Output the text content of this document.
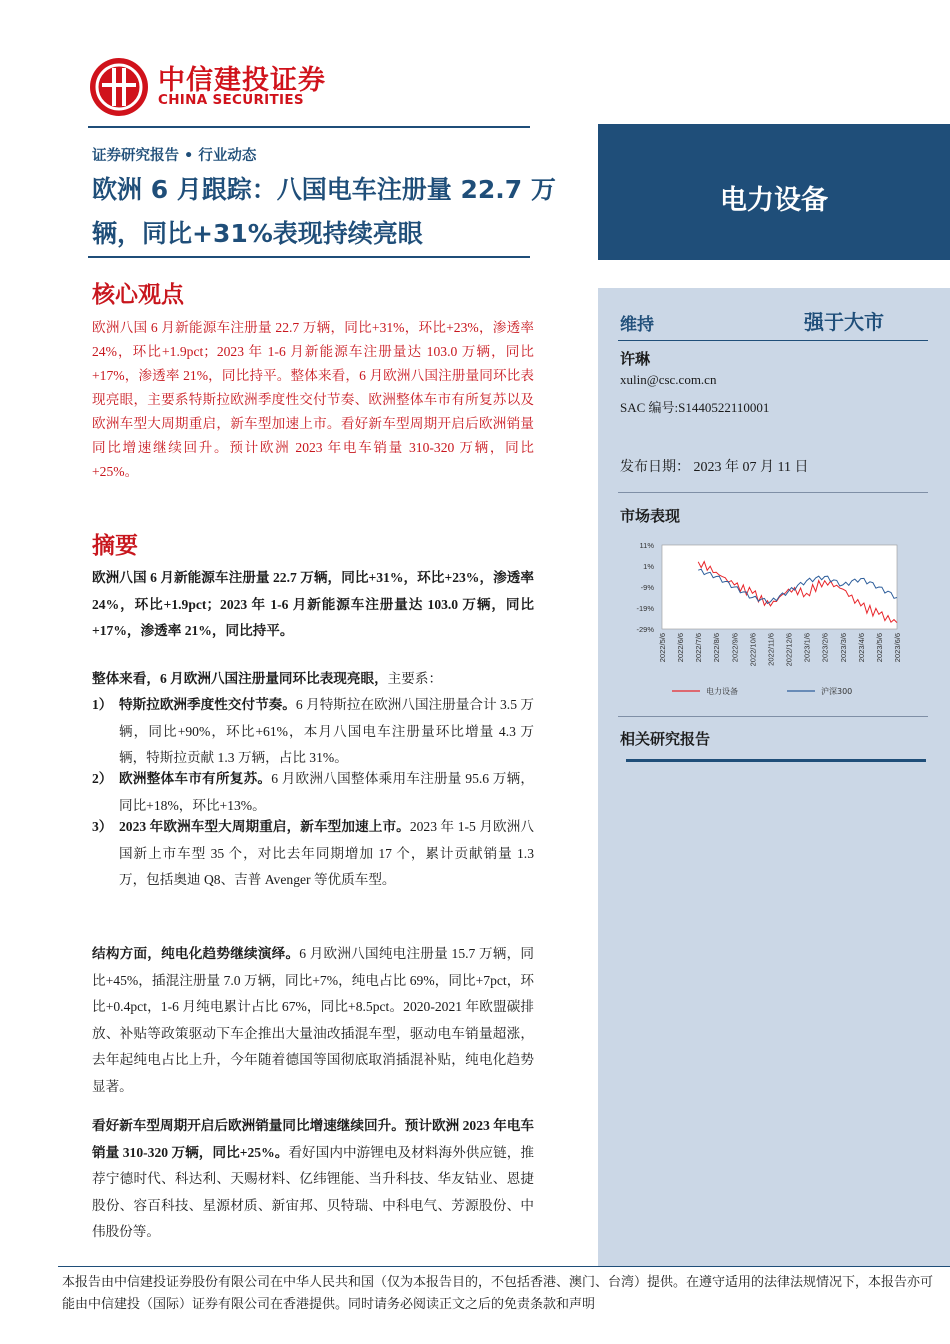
中信建投证券
CHINA SECURITIES
证券研究报告 • 行业动态
欧洲 6 月跟踪：八国电车注册量 22.7 万辆，同比+31%表现持续亮眼
核心观点
欧洲八国 6 月新能源车注册量 22.7 万辆，同比+31%，环比+23%，渗透率 24%，环比+1.9pct；2023 年 1-6 月新能源车注册量达 103.0 万辆，同比+17%，渗透率 21%，同比持平。整体来看，6 月欧洲八国注册量同环比表现亮眼，主要系特斯拉欧洲季度性交付节奏、欧洲整体车市有所复苏以及欧洲车型大周期重启，新车型加速上市。看好新车型周期开启后欧洲销量同比增速继续回升。预计欧洲 2023 年电车销量 310-320 万辆，同比+25%。
摘要
欧洲八国 6 月新能源车注册量 22.7 万辆，同比+31%，环比+23%，渗透率 24%，环比+1.9pct；2023 年 1-6 月新能源车注册量达 103.0 万辆，同比+17%，渗透率 21%，同比持平。
整体来看，6 月欧洲八国注册量同环比表现亮眼，主要系：
1） 特斯拉欧洲季度性交付节奏。6 月特斯拉在欧洲八国注册量合计 3.5 万辆，同比+90%，环比+61%，本月八国电车注册量环比增量 4.3 万辆，特斯拉贡献 1.3 万辆，占比 31%。
2） 欧洲整体车市有所复苏。6 月欧洲八国整体乘用车注册量 95.6 万辆，同比+18%，环比+13%。
3） 2023 年欧洲车型大周期重启，新车型加速上市。2023 年 1-5 月欧洲八国新上市车型 35 个，对比去年同期增加 17 个，累计贡献销量 1.3 万，包括奥迪 Q8、吉普 Avenger 等优质车型。
结构方面，纯电化趋势继续演绎。6 月欧洲八国纯电注册量 15.7 万辆，同比+45%，插混注册量 7.0 万辆，同比+7%，纯电占比 69%，同比+7pct，环比+0.4pct，1-6 月纯电累计占比 67%，同比+8.5pct。2020-2021 年欧盟碳排放、补贴等政策驱动下车企推出大量油改插混车型，驱动电车销量超涨，去年起纯电占比上升，今年随着德国等国彻底取消插混补贴，纯电化趋势显著。
看好新车型周期开启后欧洲销量同比增速继续回升。预计欧洲 2023 年电车销量 310-320 万辆，同比+25%。看好国内中游锂电及材料海外供应链，推荐宁德时代、科达利、天赐材料、亿纬锂能、当升科技、华友钴业、恩捷股份、容百科技、星源材质、新宙邦、贝特瑞、中科电气、芳源股份、中伟股份等。
电力设备
维持	强于大市
许琳
xulin@csc.com.cn
SAC 编号:S1440522110001
发布日期： 2023 年 07 月 11 日
市场表现
11%
1%
-9%
-19%
-29%
2022/5/6 2022/6/6 2022/7/6 2022/8/6 2022/9/6 2022/10/6 2022/11/6 2022/12/6 2023/1/6 2023/2/6 2023/3/6 2023/4/6 2023/5/6 2023/6/6
电力设备	沪深300
相关研究报告
本报告由中信建投证券股份有限公司在中华人民共和国（仅为本报告目的，不包括香港、澳门、台湾）提供。在遵守适用的法律法规情况下，本报告亦可能由中信建投（国际）证券有限公司在香港提供。同时请务必阅读正文之后的免责条款和声明
